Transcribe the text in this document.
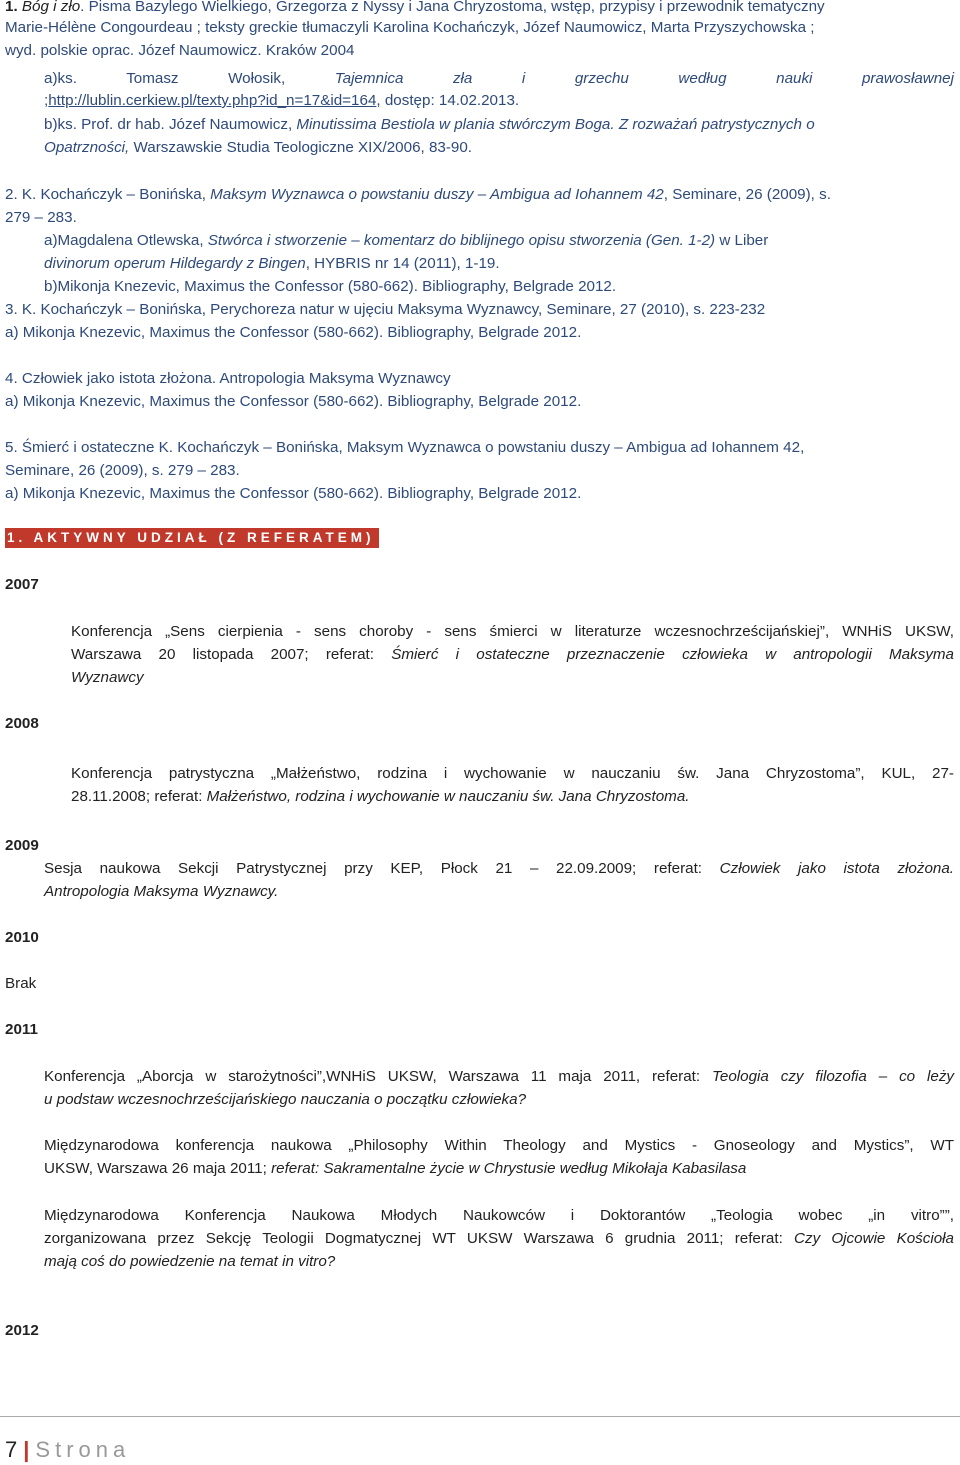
1. Bóg i zło. Pisma Bazylego Wielkiego, Grzegorza z Nyssy i Jana Chryzostoma, wstęp, przypisy i przewodnik tematyczny
Marie-Hélène Congourdeau ; teksty greckie tłumaczyli Karolina Kochańczyk, Józef Naumowicz, Marta Przyszychowska ;
wyd. polskie oprac. Józef Naumowicz. Kraków 2004
a)ks. Tomasz Wołosik, Tajemnica zła i grzechu według nauki prawosławnej
;http://lublin.cerkiew.pl/texty.php?id_n=17&id=164, dostęp: 14.02.2013.
b)ks. Prof. dr hab. Józef Naumowicz, Minutissima Bestiola w plania stwórczym Boga. Z rozważań patrystycznych o
Opatrzności, Warszawskie Studia Teologiczne XIX/2006, 83-90.
2. K. Kochańczyk – Bonińska, Maksym Wyznawca o powstaniu duszy – Ambigua ad Iohannem 42, Seminare, 26 (2009), s.
279 – 283.
a)Magdalena Otlewska, Stwórca i stworzenie – komentarz do biblijnego opisu stworzenia (Gen. 1-2) w Liber
divinorum operum Hildegardy z Bingen, HYBRIS nr 14 (2011), 1-19.
b)Mikonja Knezevic, Maximus the Confessor (580-662). Bibliography, Belgrade 2012.
3. K. Kochańczyk – Bonińska, Perychoreza natur w ujęciu Maksyma Wyznawcy, Seminare, 27 (2010), s. 223-232
a) Mikonja Knezevic, Maximus the Confessor (580-662). Bibliography, Belgrade 2012.
4. Człowiek jako istota złożona. Antropologia Maksyma Wyznawcy
a) Mikonja Knezevic, Maximus the Confessor (580-662). Bibliography, Belgrade 2012.
5. Śmierć i ostateczne K. Kochańczyk – Bonińska, Maksym Wyznawca o powstaniu duszy – Ambigua ad Iohannem 42,
Seminare, 26 (2009), s. 279 – 283.
a) Mikonja Knezevic, Maximus the Confessor (580-662). Bibliography, Belgrade 2012.
1. AKTYWNY UDZIAŁ (Z REFERATEM)
2007
Konferencja „Sens cierpienia - sens choroby - sens śmierci w literaturze wczesnochrześcijańskiej”, WNHiS UKSW,
Warszawa 20 listopada 2007; referat: Śmierć i ostateczne przeznaczenie człowieka w antropologii Maksyma
Wyznawcy
2008
Konferencja patrystyczna „Małżeństwo, rodzina i wychowanie w nauczaniu św. Jana Chryzostoma”, KUL, 27-
28.11.2008; referat: Małżeństwo, rodzina i wychowanie w nauczaniu św. Jana Chryzostoma.
2009
Sesja naukowa Sekcji Patrystycznej przy KEP, Płock 21 – 22.09.2009; referat: Człowiek jako istota złożona.
Antropologia Maksyma Wyznawcy.
2010
Brak
2011
Konferencja „Aborcja w starożytności”,WNHiS UKSW, Warszawa 11 maja 2011, referat: Teologia czy filozofia – co leży
u podstaw wczesnochrześcijańskiego nauczania o początku człowieka?
Międzynarodowa konferencja naukowa „Philosophy Within Theology and Mystics - Gnoseology and Mystics”, WT
UKSW, Warszawa 26 maja 2011; referat: Sakramentalne życie w Chrystusie według Mikołaja Kabasilasa
Międzynarodowa Konferencja Naukowa Młodych Naukowców i Doktorantów „Teologia wobec „in vitro””,
zorganizowana przez Sekcję Teologii Dogmatycznej WT UKSW Warszawa 6 grudnia 2011; referat: Czy Ojcowie Kościoła
mają coś do powiedzenie na temat in vitro?
2012
7 | Strona
